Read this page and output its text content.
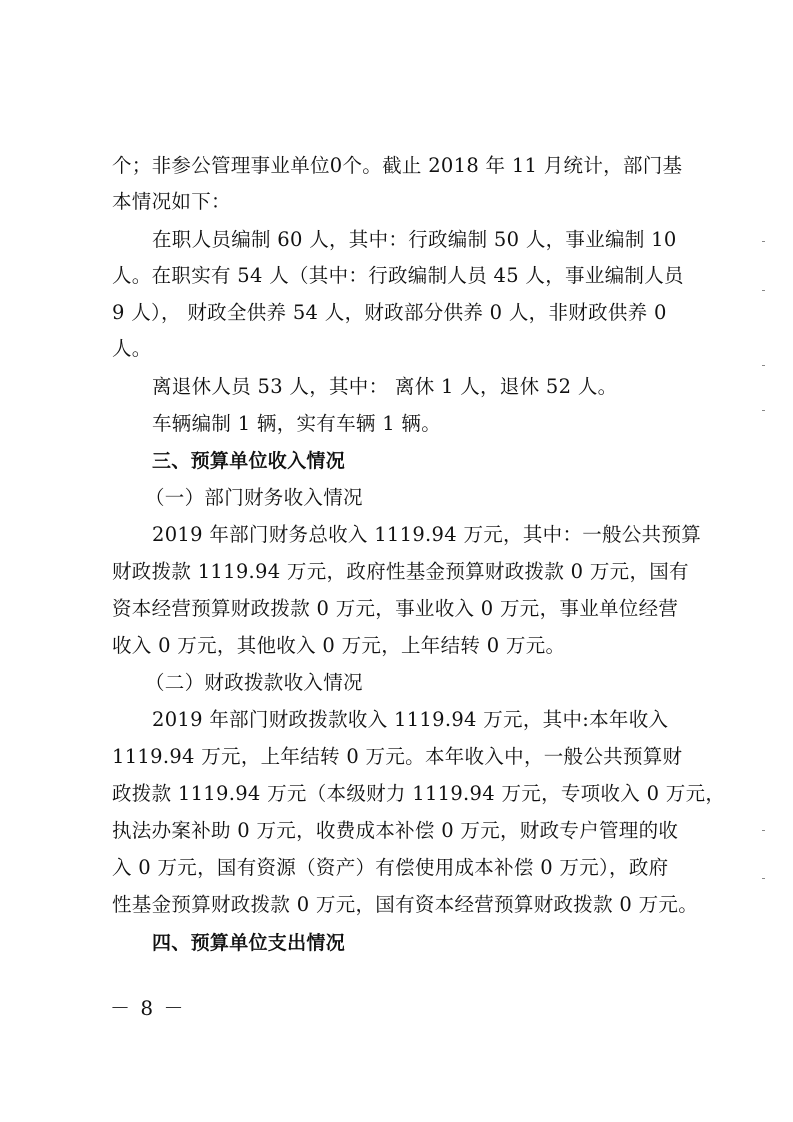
个；非参公管理事业单位0个。截止 2018 年 11 月统计，部门基
本情况如下：
在职人员编制 60 人，其中：行政编制 50 人，事业编制 10
人。在职实有 54 人（其中：行政编制人员 45 人，事业编制人员
9 人）， 财政全供养 54 人，财政部分供养 0 人，非财政供养 0
人。
离退休人员 53 人，其中： 离休 1 人，退休 52 人。
车辆编制 1 辆，实有车辆 1 辆。
三、预算单位收入情况
（一）部门财务收入情况
2019 年部门财务总收入 1119.94 万元，其中：一般公共预算
财政拨款 1119.94 万元，政府性基金预算财政拨款 0 万元，国有
资本经营预算财政拨款 0 万元，事业收入 0 万元，事业单位经营
收入 0 万元，其他收入 0 万元，上年结转 0 万元。
（二）财政拨款收入情况
2019 年部门财政拨款收入 1119.94 万元，其中:本年收入
1119.94 万元，上年结转 0 万元。本年收入中，一般公共预算财
政拨款 1119.94 万元（本级财力 1119.94 万元，专项收入 0 万元，
执法办案补助 0 万元，收费成本补偿 0 万元，财政专户管理的收
入 0 万元，国有资源（资产）有偿使用成本补偿 0 万元），政府
性基金预算财政拨款 0 万元，国有资本经营预算财政拨款 0 万元。
四、预算单位支出情况
－ 8 －
